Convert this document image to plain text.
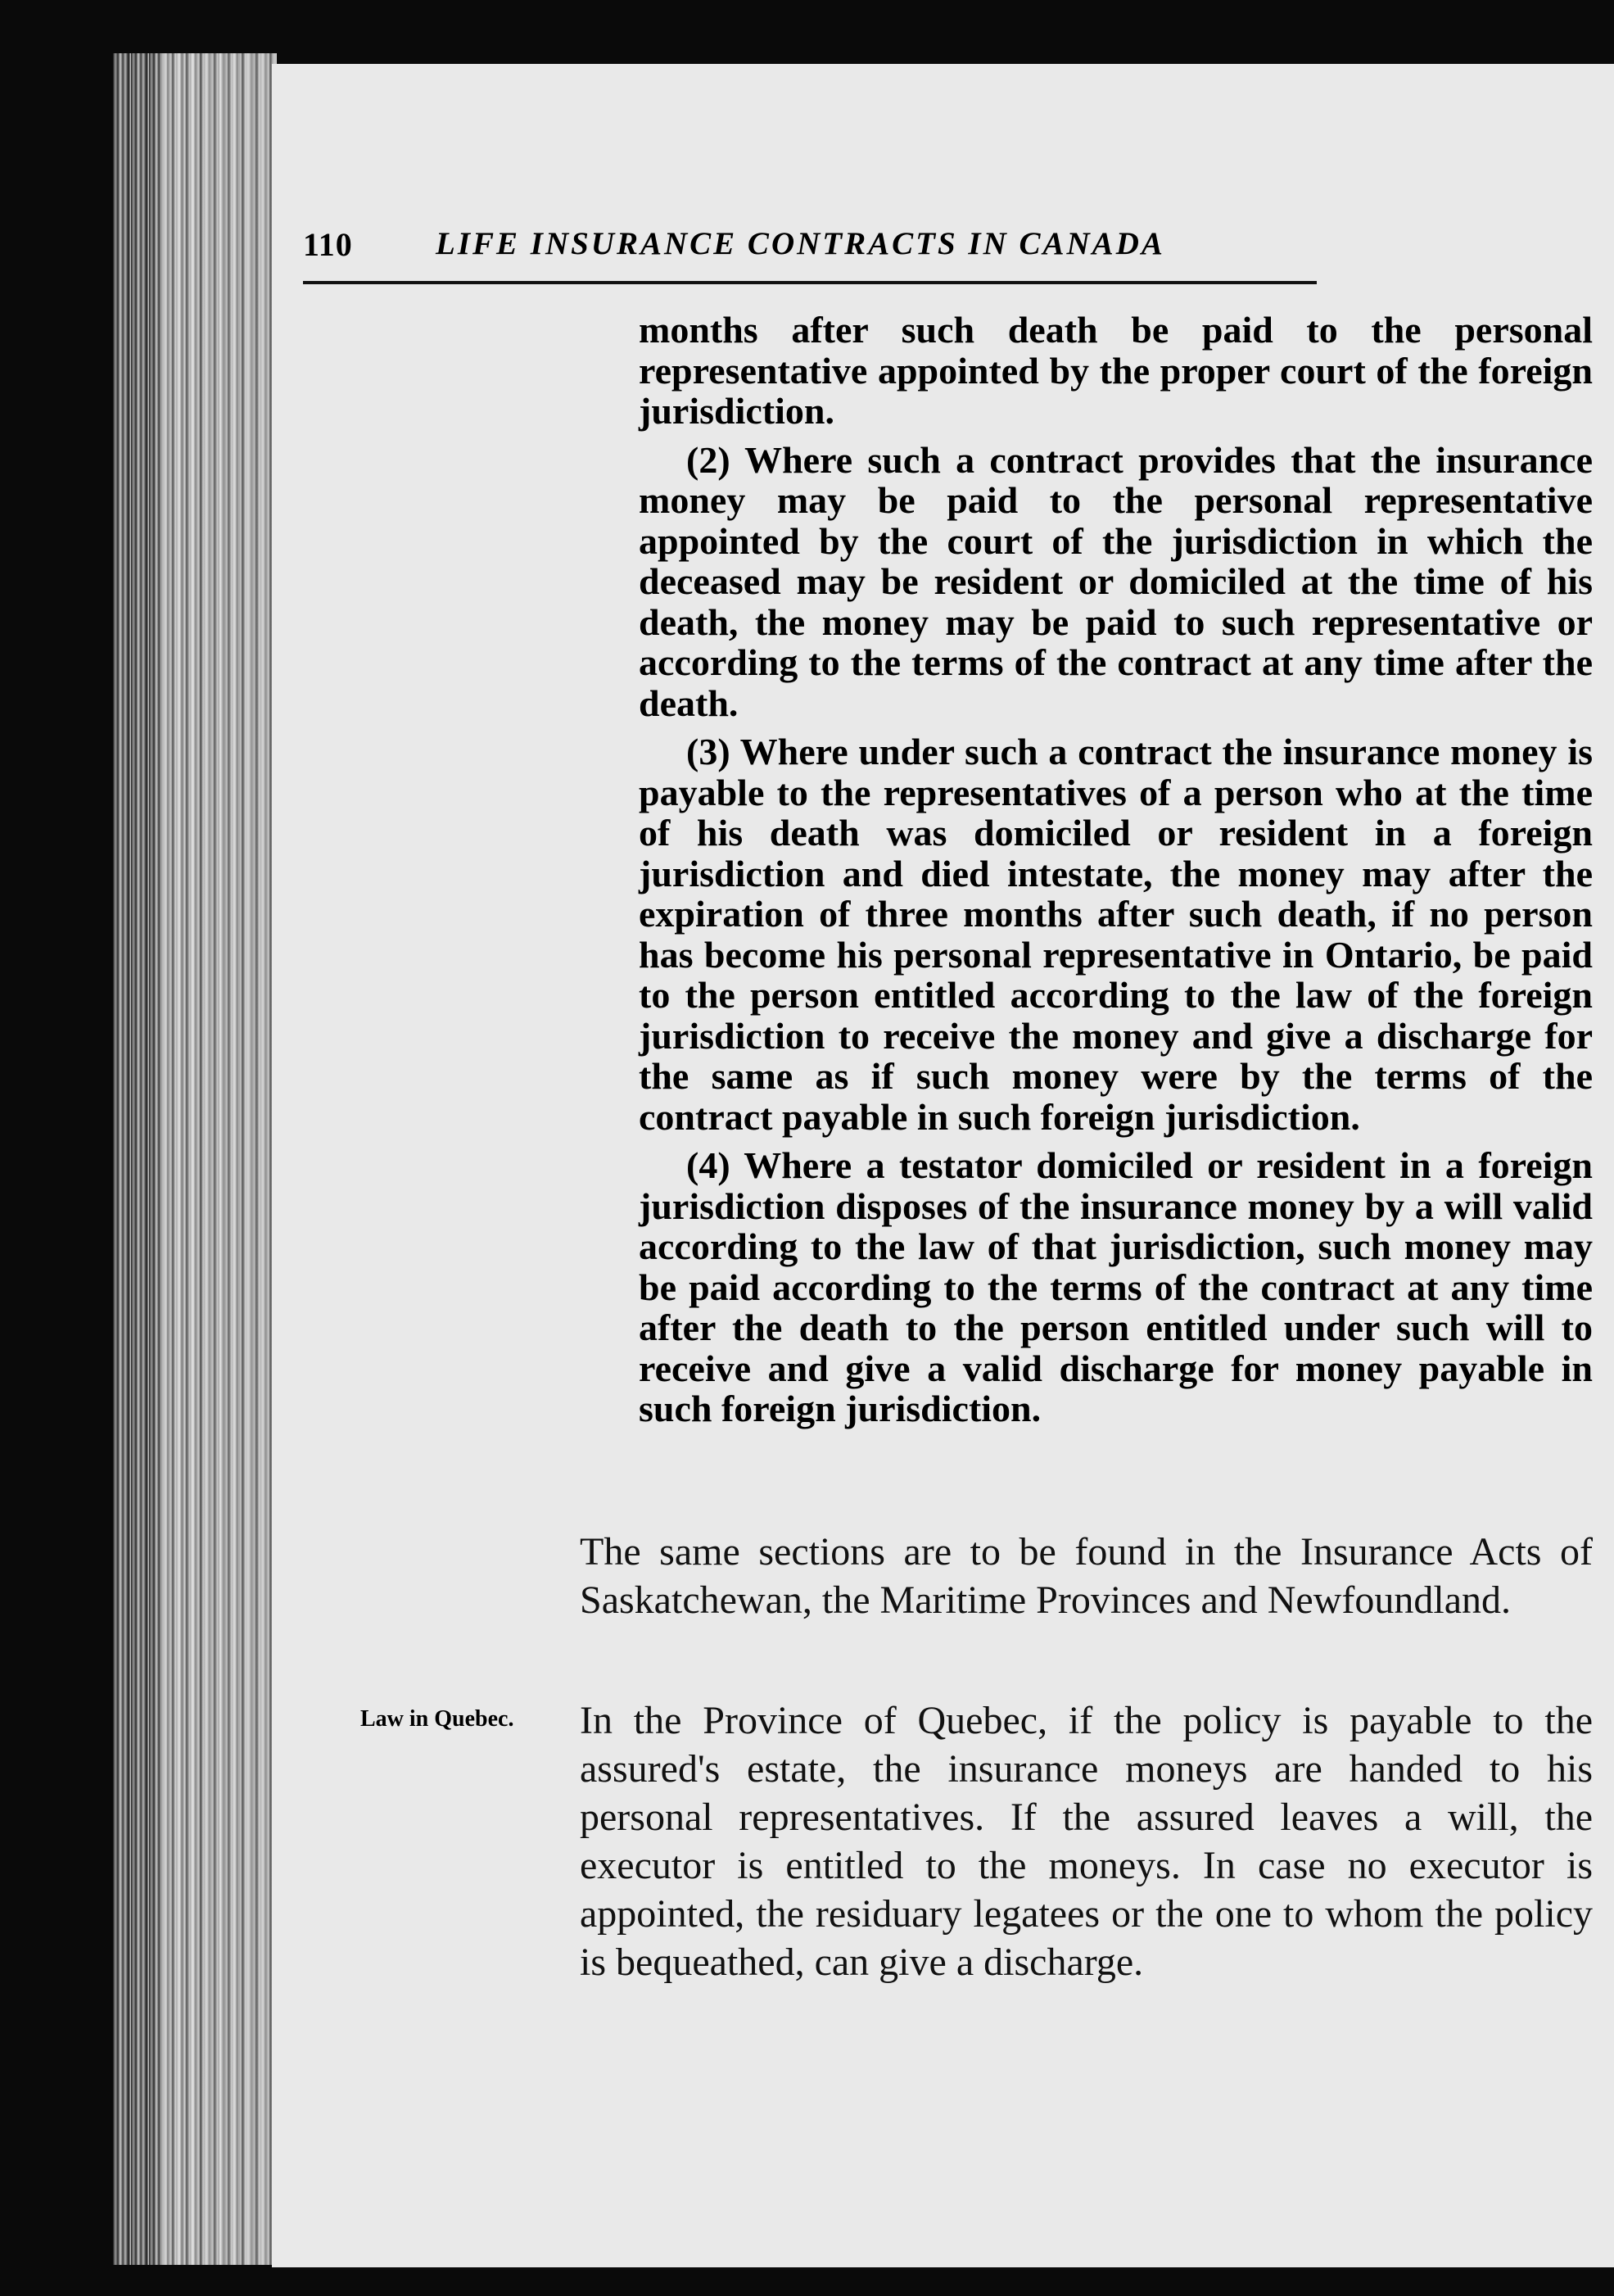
110	LIFE INSURANCE CONTRACTS IN CANADA

months after such death be paid to the personal representative appointed by the proper court of the foreign jurisdiction.

(2) Where such a contract provides that the insurance money may be paid to the personal representative appointed by the court of the jurisdiction in which the deceased may be resident or domiciled at the time of his death, the money may be paid to such representative or according to the terms of the contract at any time after the death.

(3) Where under such a contract the insurance money is payable to the representatives of a person who at the time of his death was domiciled or resident in a foreign jurisdiction and died intestate, the money may after the expiration of three months after such death, if no person has become his personal representative in Ontario, be paid to the person entitled according to the law of the foreign jurisdiction to receive the money and give a discharge for the same as if such money were by the terms of the contract payable in such foreign jurisdiction.

(4) Where a testator domiciled or resident in a foreign jurisdiction disposes of the insurance money by a will valid according to the law of that jurisdiction, such money may be paid according to the terms of the contract at any time after the death to the person entitled under such will to receive and give a valid discharge for money payable in such foreign jurisdiction.

The same sections are to be found in the Insurance Acts of Saskatchewan, the Maritime Provinces and Newfoundland.

Law in Quebec. In the Province of Quebec, if the policy is payable to the assured's estate, the insurance moneys are handed to his personal representatives. If the assured leaves a will, the executor is entitled to the moneys. In case no executor is appointed, the residuary legatees or the one to whom the policy is bequeathed, can give a discharge.
